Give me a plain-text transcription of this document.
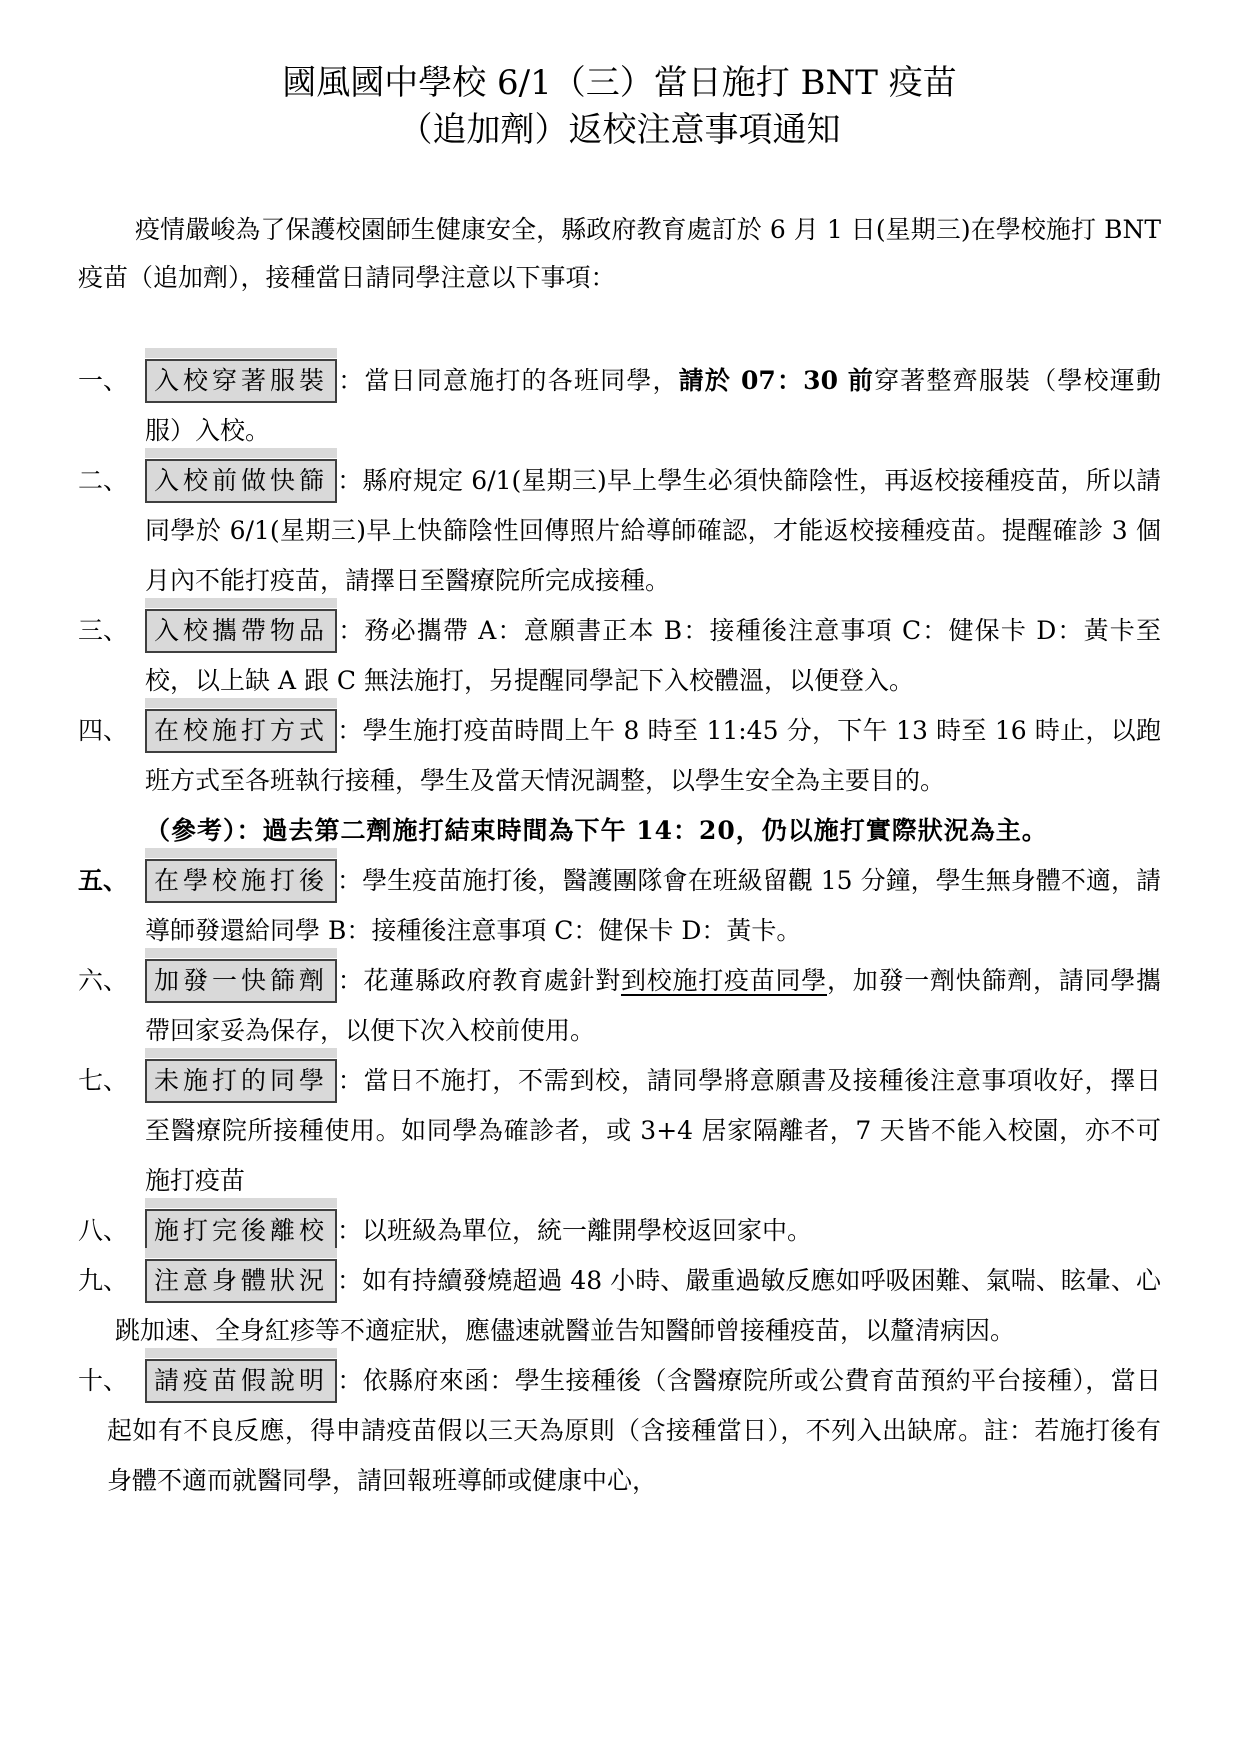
國風國中學校 6/1（三）當日施打 BNT 疫苗
（追加劑）返校注意事項通知

疫情嚴峻為了保護校園師生健康安全，縣政府教育處訂於 6 月 1 日(星期三)在學校施打 BNT 疫苗（追加劑），接種當日請同學注意以下事項：

一、 入校穿著服裝 ：當日同意施打的各班同學，請於 07：30 前穿著整齊服裝（學校運動服）入校。
二、 入校前做快篩 ：縣府規定 6/1(星期三)早上學生必須快篩陰性，再返校接種疫苗，所以請同學於 6/1(星期三)早上快篩陰性回傳照片給導師確認，才能返校接種疫苗。提醒確診 3 個月內不能打疫苗，請擇日至醫療院所完成接種。
三、 入校攜帶物品 ：務必攜帶 A：意願書正本 B：接種後注意事項 C：健保卡 D：黃卡至校，以上缺 A 跟 C 無法施打，另提醒同學記下入校體溫，以便登入。
四、 在校施打方式 ：學生施打疫苗時間上午 8 時至 11:45 分，下午 13 時至 16 時止，以跑班方式至各班執行接種，學生及當天情況調整，以學生安全為主要目的。
（參考）：過去第二劑施打結束時間為下午 14：20，仍以施打實際狀況為主。
五、 在學校施打後 ：學生疫苗施打後，醫護團隊會在班級留觀 15 分鐘，學生無身體不適，請導師發還給同學 B：接種後注意事項 C：健保卡 D：黃卡。
六、 加發一快篩劑 ：花蓮縣政府教育處針對到校施打疫苗同學，加發一劑快篩劑，請同學攜帶回家妥為保存，以便下次入校前使用。
七、 未施打的同學 ：當日不施打，不需到校，請同學將意願書及接種後注意事項收好，擇日至醫療院所接種使用。如同學為確診者，或 3+4 居家隔離者，7 天皆不能入校園，亦不可施打疫苗
八、 施打完後離校 ：以班級為單位，統一離開學校返回家中。
九、 注意身體狀況 ：如有持續發燒超過 48 小時、嚴重過敏反應如呼吸困難、氣喘、眩暈、心跳加速、全身紅疹等不適症狀，應儘速就醫並告知醫師曾接種疫苗，以釐清病因。
十、 請疫苗假說明 ：依縣府來函：學生接種後（含醫療院所或公費育苗預約平台接種），當日起如有不良反應，得申請疫苗假以三天為原則（含接種當日），不列入出缺席。註：若施打後有身體不適而就醫同學，請回報班導師或健康中心，
